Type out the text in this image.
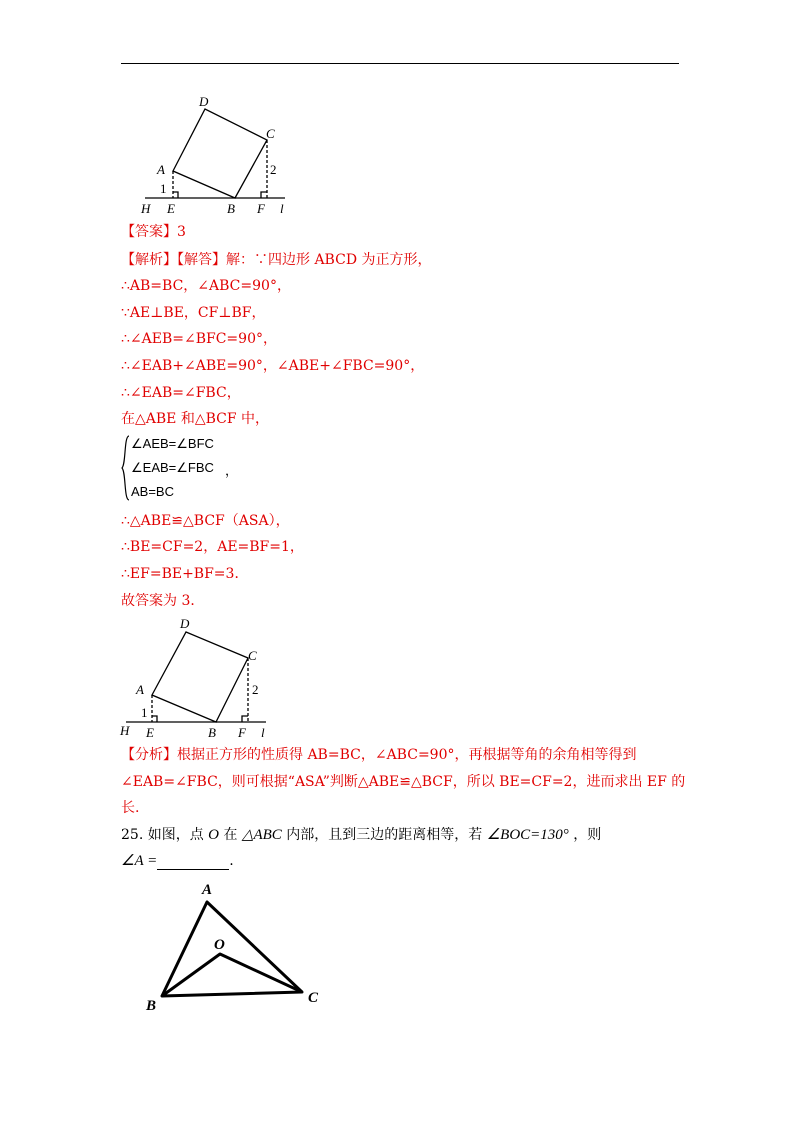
D
C
A
B
E	F
H	l
1
2
【答案】3
【解析】【解答】解：∵四边形 ABCD 为正方形，
∴AB=BC，∠ABC=90°，
∵AE⊥BE，CF⊥BF，
∴∠AEB=∠BFC=90°，
∴∠EAB+∠ABE=90°，∠ABE+∠FBC=90°，
∴∠EAB=∠FBC，
在△ABE 和△BCF 中，
∠AEB=∠BFC
∠EAB=∠FBC
AB=BC
，
∴△ABE≌△BCF（ASA），
∴BE=CF=2，AE=BF=1，
∴EF=BE+BF=3．
故答案为 3．
D
C
A
B
E	F
H	l
1
2
【分析】根据正方形的性质得 AB=BC，∠ABC=90°，再根据等角的余角相等得到
∠EAB=∠FBC，则可根据“ASA”判断△ABE≌△BCF，所以 BE=CF=2，进而求出 EF 的
长.
25. 如图，点 O 在 △ABC 内部，且到三边的距离相等，若 ∠BOC=130° ，则
∠A =	.
A
O
B	C
